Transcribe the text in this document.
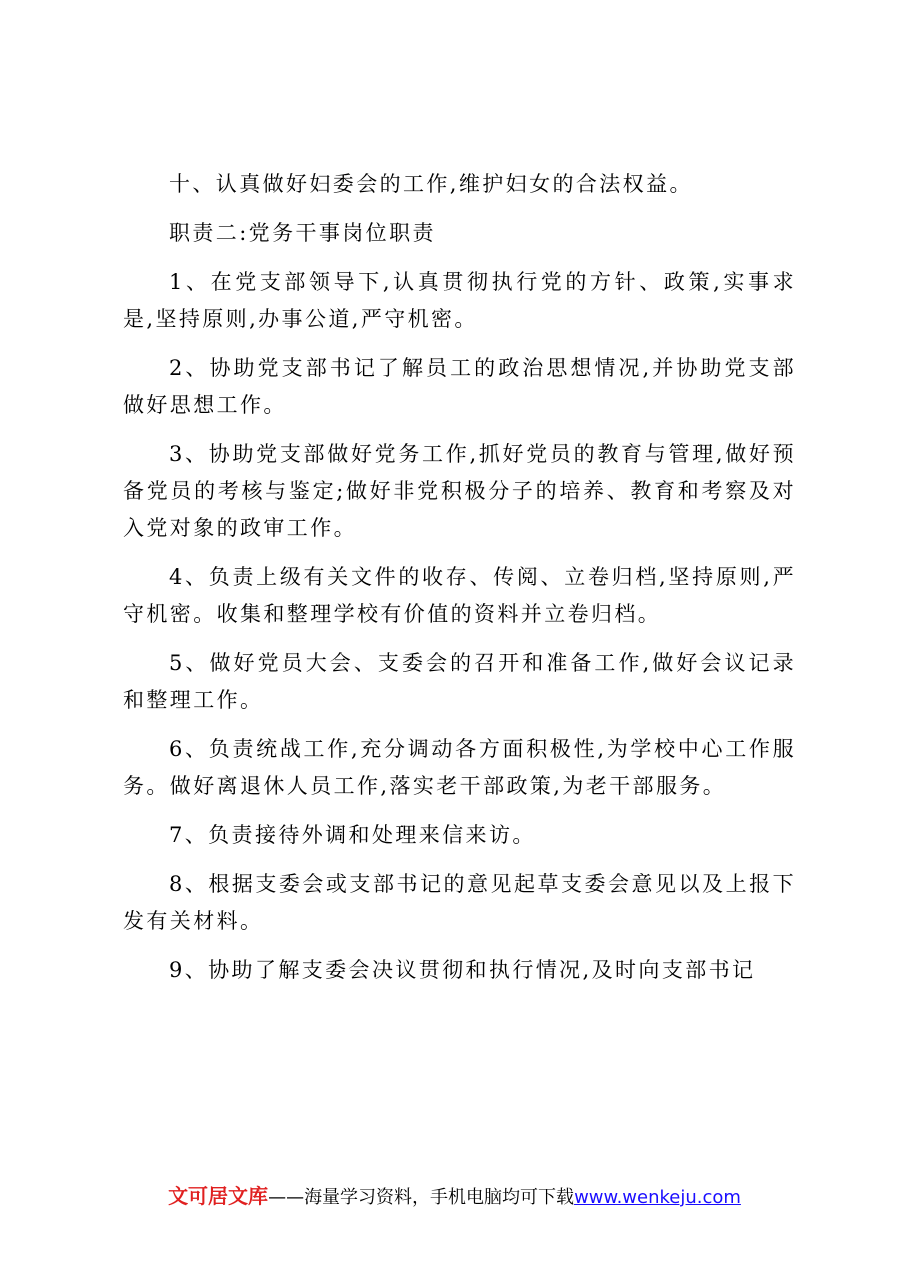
十、认真做好妇委会的工作,维护妇女的合法权益。

职责二:党务干事岗位职责

1、在党支部领导下,认真贯彻执行党的方针、政策,实事求是,坚持原则,办事公道,严守机密。

2、协助党支部书记了解员工的政治思想情况,并协助党支部做好思想工作。

3、协助党支部做好党务工作,抓好党员的教育与管理,做好预备党员的考核与鉴定;做好非党积极分子的培养、教育和考察及对入党对象的政审工作。

4、负责上级有关文件的收存、传阅、立卷归档,坚持原则,严守机密。收集和整理学校有价值的资料并立卷归档。

5、做好党员大会、支委会的召开和准备工作,做好会议记录和整理工作。

6、负责统战工作,充分调动各方面积极性,为学校中心工作服务。做好离退休人员工作,落实老干部政策,为老干部服务。

7、负责接待外调和处理来信来访。

8、根据支委会或支部书记的意见起草支委会意见以及上报下发有关材料。

9、协助了解支委会决议贯彻和执行情况,及时向支部书记

文可居文库——海量学习资料，手机电脑均可下载www.wenkeju.com
